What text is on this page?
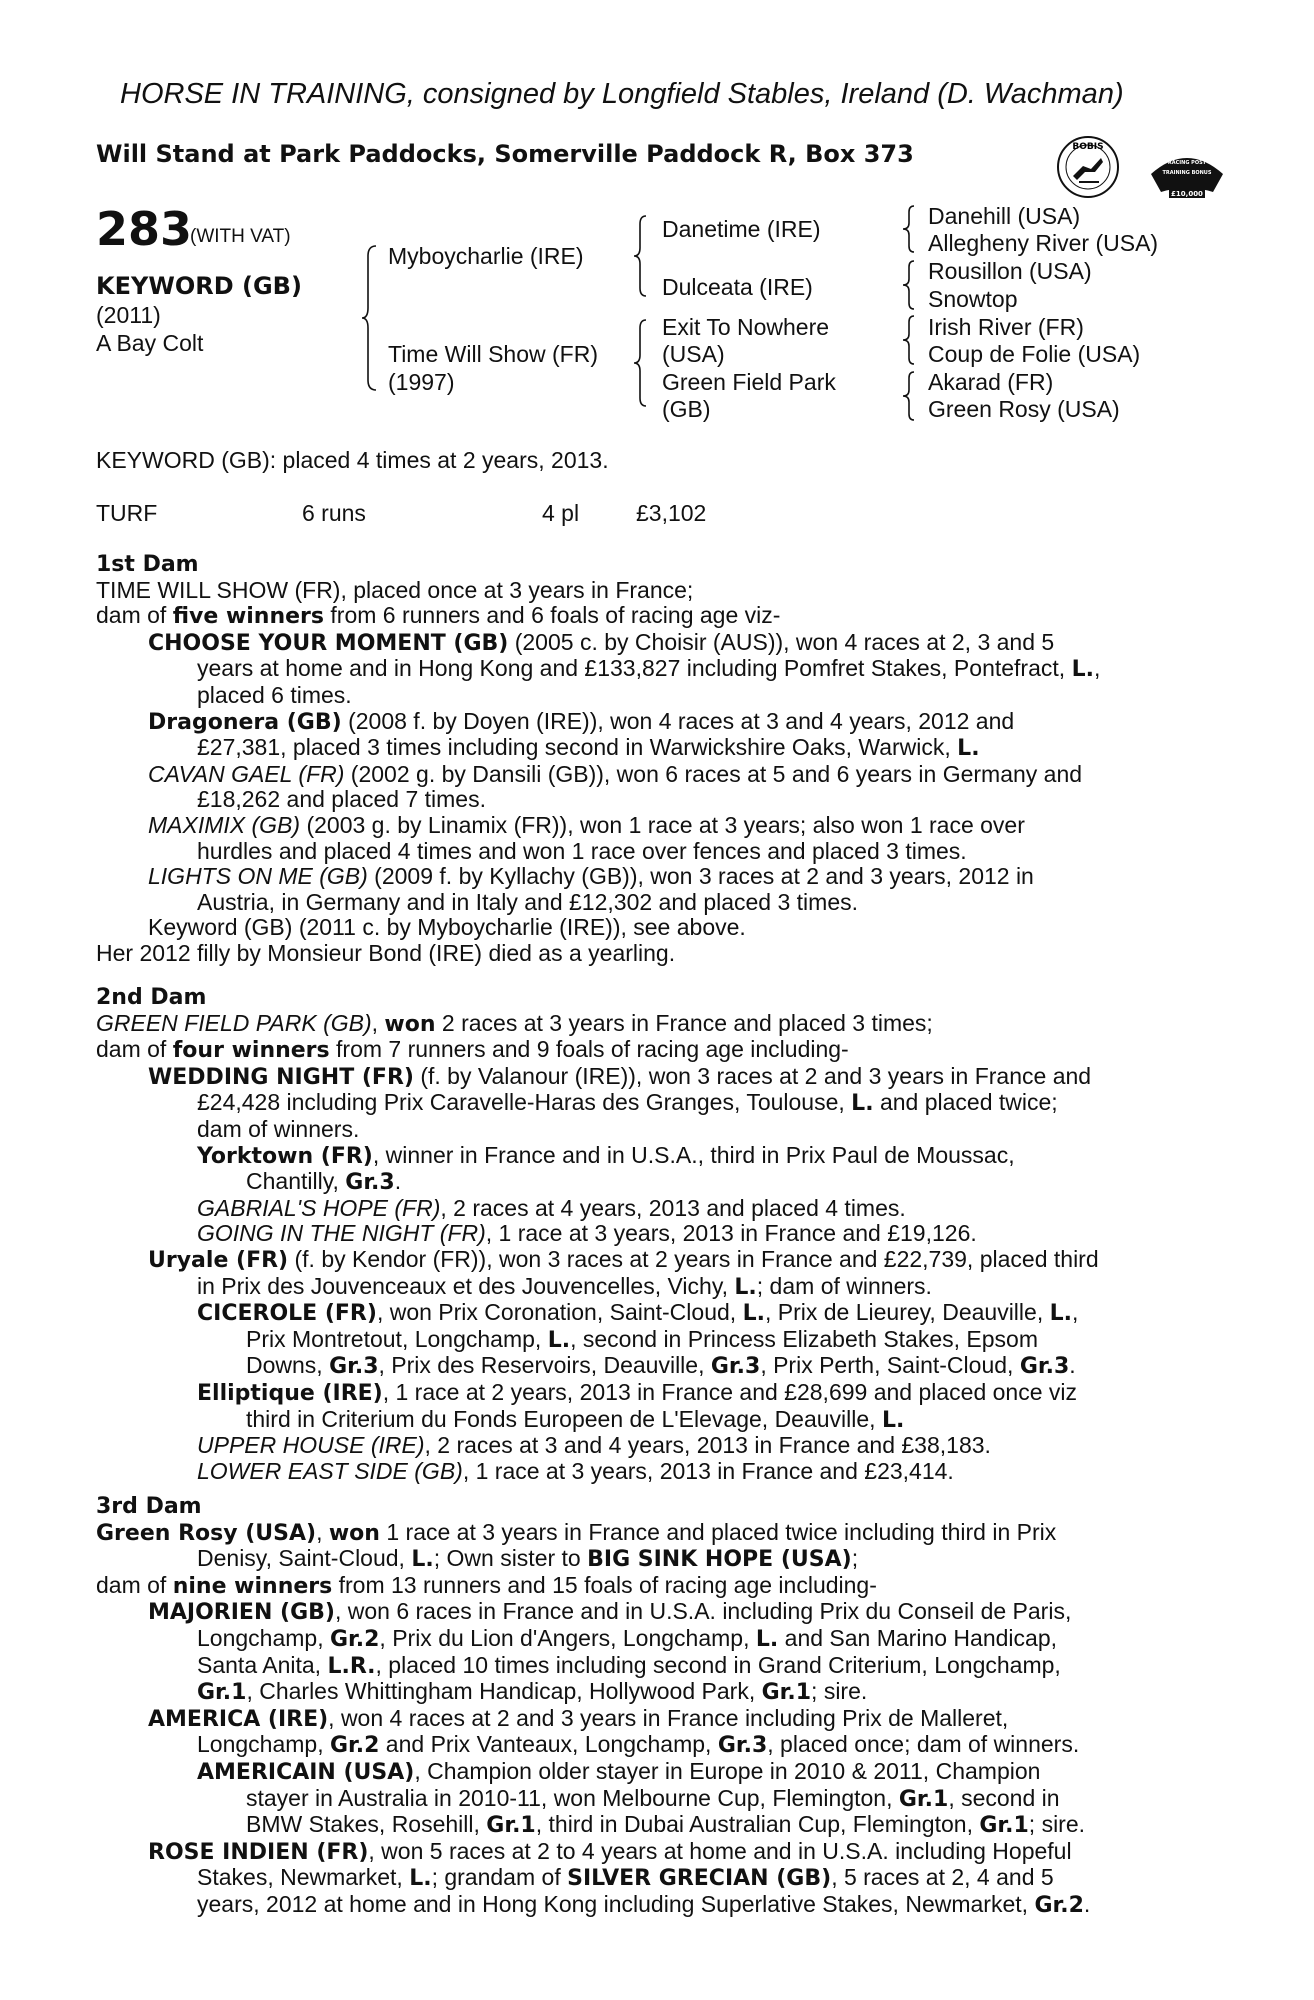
HORSE IN TRAINING, consigned by Longfield Stables, Ireland (D. Wachman)
Will Stand at Park Paddocks, Somerville Paddock R, Box 373	BOBIS
RACING POST
TRAINING BONUS
£10,000
283
(WITH VAT)
KEYWORD (GB)
(2011)
A Bay Colt
Myboycharlie (IRE)
Time Will Show (FR)
(1997)
Danetime (IRE)
Dulceata (IRE)
Exit To Nowhere
(USA)
Green Field Park
(GB)
Danehill (USA)
Allegheny River (USA)
Rousillon (USA)
Snowtop
Irish River (FR)
Coup de Folie (USA)
Akarad (FR)
Green Rosy (USA)
KEYWORD (GB): placed 4 times at 2 years, 2013.
TURF	6 runs	4 pl £3,102
1st Dam
TIME WILL SHOW (FR), placed once at 3 years in France;
dam of five winners from 6 runners and 6 foals of racing age viz-
CHOOSE YOUR MOMENT (GB) (2005 c. by Choisir (AUS)), won 4 races at 2, 3 and 5
years at home and in Hong Kong and £133,827 including Pomfret Stakes, Pontefract, L.,
placed 6 times.
Dragonera (GB) (2008 f. by Doyen (IRE)), won 4 races at 3 and 4 years, 2012 and
£27,381, placed 3 times including second in Warwickshire Oaks, Warwick, L.
CAVAN GAEL (FR) (2002 g. by Dansili (GB)), won 6 races at 5 and 6 years in Germany and
£18,262 and placed 7 times.
MAXIMIX (GB) (2003 g. by Linamix (FR)), won 1 race at 3 years; also won 1 race over
hurdles and placed 4 times and won 1 race over fences and placed 3 times.
LIGHTS ON ME (GB) (2009 f. by Kyllachy (GB)), won 3 races at 2 and 3 years, 2012 in
Austria, in Germany and in Italy and £12,302 and placed 3 times.
Keyword (GB) (2011 c. by Myboycharlie (IRE)), see above.
Her 2012 filly by Monsieur Bond (IRE) died as a yearling.
2nd Dam
GREEN FIELD PARK (GB), won 2 races at 3 years in France and placed 3 times;
dam of four winners from 7 runners and 9 foals of racing age including-
WEDDING NIGHT (FR) (f. by Valanour (IRE)), won 3 races at 2 and 3 years in France and
£24,428 including Prix Caravelle-Haras des Granges, Toulouse, L. and placed twice;
dam of winners.
Yorktown (FR), winner in France and in U.S.A., third in Prix Paul de Moussac,
Chantilly, Gr.3.
GABRIAL'S HOPE (FR), 2 races at 4 years, 2013 and placed 4 times.
GOING IN THE NIGHT (FR), 1 race at 3 years, 2013 in France and £19,126.
Uryale (FR) (f. by Kendor (FR)), won 3 races at 2 years in France and £22,739, placed third
in Prix des Jouvenceaux et des Jouvencelles, Vichy, L.; dam of winners.
CICEROLE (FR), won Prix Coronation, Saint-Cloud, L., Prix de Lieurey, Deauville, L.,
Prix Montretout, Longchamp, L., second in Princess Elizabeth Stakes, Epsom
Downs, Gr.3, Prix des Reservoirs, Deauville, Gr.3, Prix Perth, Saint-Cloud, Gr.3.
Elliptique (IRE), 1 race at 2 years, 2013 in France and £28,699 and placed once viz
third in Criterium du Fonds Europeen de L'Elevage, Deauville, L.
UPPER HOUSE (IRE), 2 races at 3 and 4 years, 2013 in France and £38,183.
LOWER EAST SIDE (GB), 1 race at 3 years, 2013 in France and £23,414.
3rd Dam
Green Rosy (USA), won 1 race at 3 years in France and placed twice including third in Prix
Denisy, Saint-Cloud, L.; Own sister to BIG SINK HOPE (USA);
dam of nine winners from 13 runners and 15 foals of racing age including-
MAJORIEN (GB), won 6 races in France and in U.S.A. including Prix du Conseil de Paris,
Longchamp, Gr.2, Prix du Lion d'Angers, Longchamp, L. and San Marino Handicap,
Santa Anita, L.R., placed 10 times including second in Grand Criterium, Longchamp,
Gr.1, Charles Whittingham Handicap, Hollywood Park, Gr.1; sire.
AMERICA (IRE), won 4 races at 2 and 3 years in France including Prix de Malleret,
Longchamp, Gr.2 and Prix Vanteaux, Longchamp, Gr.3, placed once; dam of winners.
AMERICAIN (USA), Champion older stayer in Europe in 2010 & 2011, Champion
stayer in Australia in 2010-11, won Melbourne Cup, Flemington, Gr.1, second in
BMW Stakes, Rosehill, Gr.1, third in Dubai Australian Cup, Flemington, Gr.1; sire.
ROSE INDIEN (FR), won 5 races at 2 to 4 years at home and in U.S.A. including Hopeful
Stakes, Newmarket, L.; grandam of SILVER GRECIAN (GB), 5 races at 2, 4 and 5
years, 2012 at home and in Hong Kong including Superlative Stakes, Newmarket, Gr.2.
